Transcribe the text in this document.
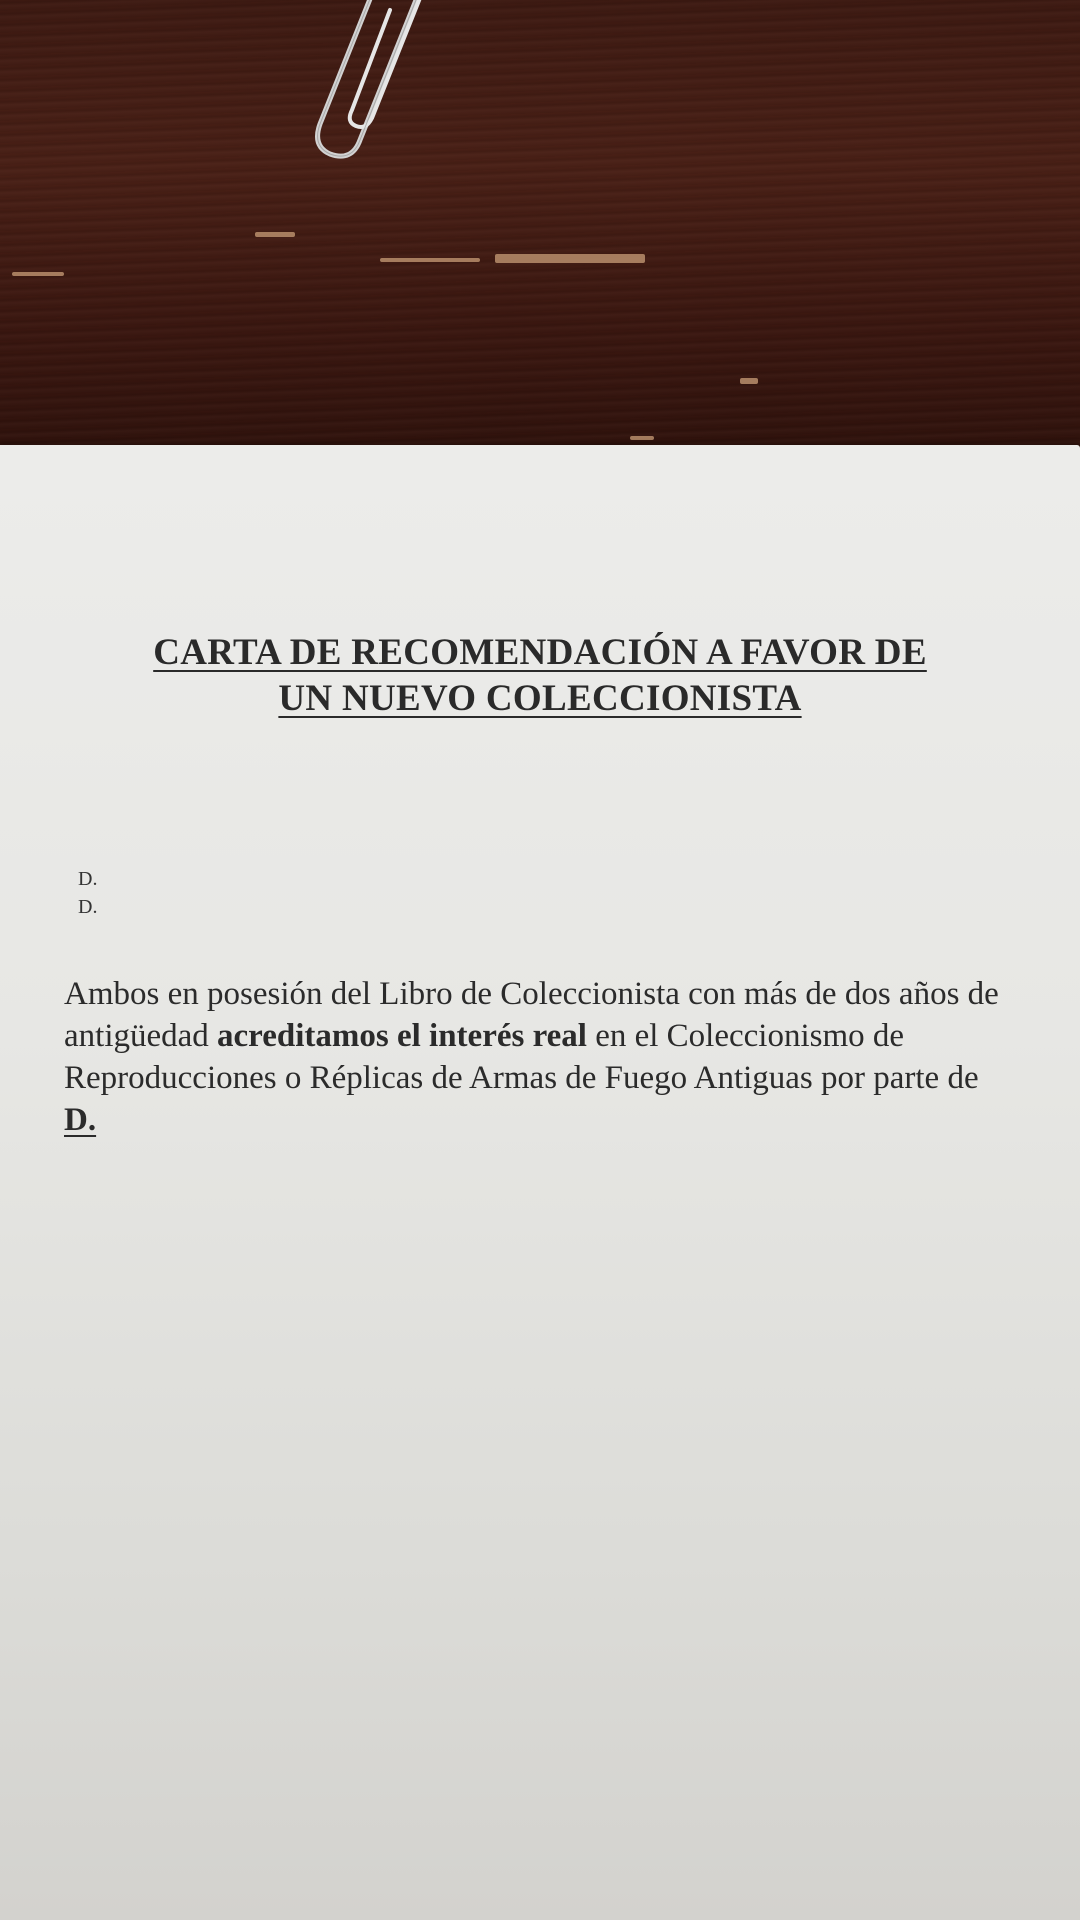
CARTA DE RECOMENDACIÓN A FAVOR DE
UN NUEVO COLECCIONISTA
D.
D.
Ambos en posesión del Libro de Coleccionista con más de dos años de antigüedad acreditamos el interés real en el Coleccionismo de Reproducciones o Réplicas de Armas de Fuego Antiguas por parte de D.
